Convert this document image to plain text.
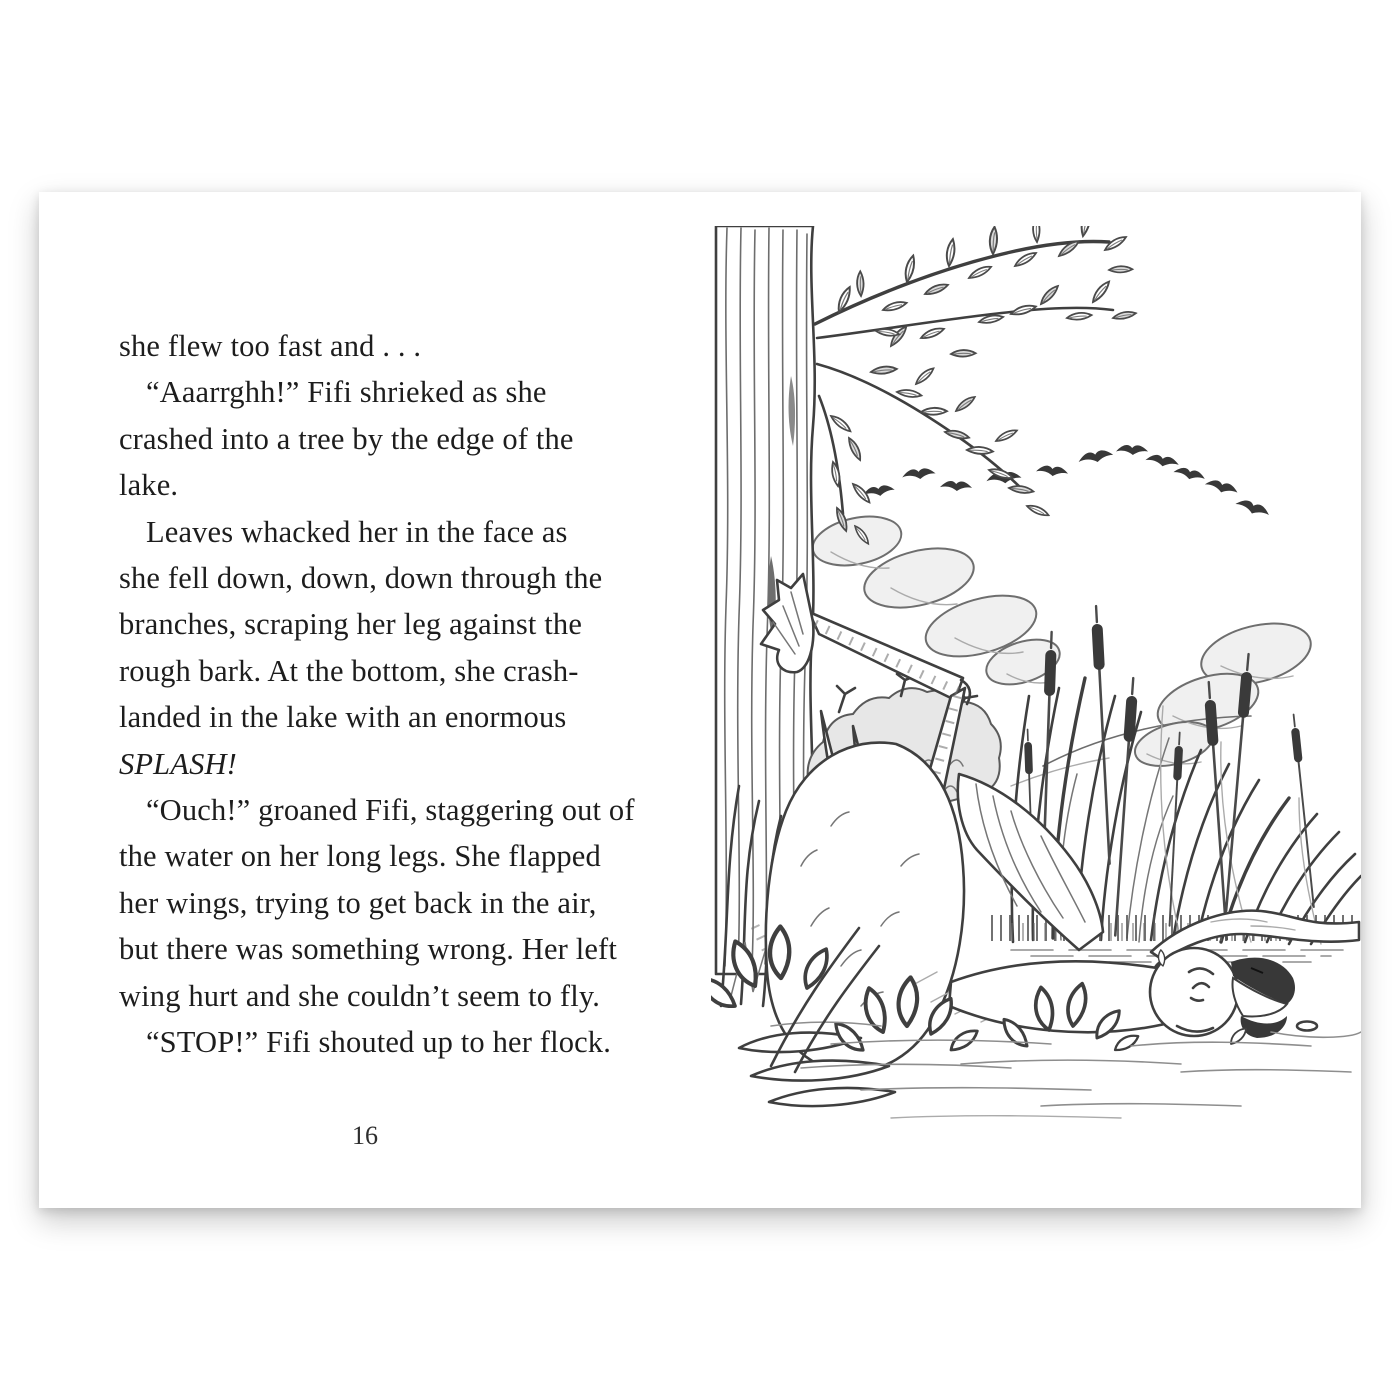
she flew too fast and . . .
“Aaarrghh!” Fifi shrieked as she
crashed into a tree by the edge of the
lake.
Leaves whacked her in the face as
she fell down, down, down through the
branches, scraping her leg against the
rough bark. At the bottom, she crash-
landed in the lake with an enormous
SPLASH!
“Ouch!” groaned Fifi, staggering out of
the water on her long legs. She flapped
her wings, trying to get back in the air,
but there was something wrong. Her left
wing hurt and she couldn’t seem to fly.
“STOP!” Fifi shouted up to her flock.
16
